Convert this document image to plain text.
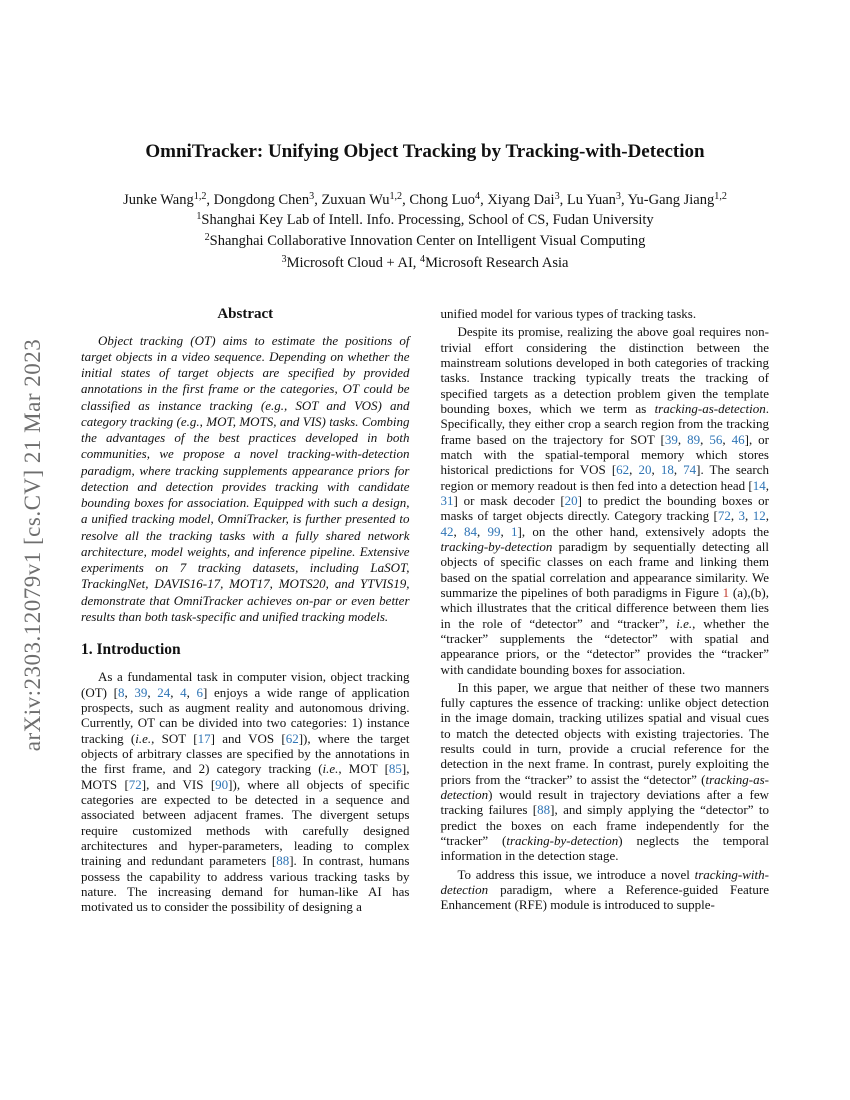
arXiv:2303.12079v1 [cs.CV] 21 Mar 2023
OmniTracker: Unifying Object Tracking by Tracking-with-Detection
Junke Wang$^{1,2}$, Dongdong Chen$^3$, Zuxuan Wu$^{1,2}$, Chong Luo$^4$, Xiyang Dai$^3$, Lu Yuan$^3$, Yu-Gang Jiang$^{1,2}$
$^1$Shanghai Key Lab of Intell. Info. Processing, School of CS, Fudan University
$^2$Shanghai Collaborative Innovation Center on Intelligent Visual Computing
$^3$Microsoft Cloud + AI, $^4$Microsoft Research Asia
Abstract

Object tracking (OT) aims to estimate the positions of target objects in a video sequence. Depending on whether the initial states of target objects are specified by provided annotations in the first frame or the categories, OT could be classified as instance tracking (e.g., SOT and VOS) and category tracking (e.g., MOT, MOTS, and VIS) tasks. Combing the advantages of the best practices developed in both communities, we propose a novel tracking-with-detection paradigm, where tracking supplements appearance priors for detection and detection provides tracking with candidate bounding boxes for association. Equipped with such a design, a unified tracking model, OmniTracker, is further presented to resolve all the tracking tasks with a fully shared network architecture, model weights, and inference pipeline. Extensive experiments on 7 tracking datasets, including LaSOT, TrackingNet, DAVIS16-17, MOT17, MOTS20, and YTVIS19, demonstrate that OmniTracker achieves on-par or even better results than both task-specific and unified tracking models.

1. Introduction

As a fundamental task in computer vision, object tracking (OT) [8, 39, 24, 4, 6] enjoys a wide range of application prospects, such as augment reality and autonomous driving. Currently, OT can be divided into two categories: 1) instance tracking (i.e., SOT [17] and VOS [62]), where the target objects of arbitrary classes are specified by the annotations in the first frame, and 2) category tracking (i.e., MOT [85], MOTS [72], and VIS [90]), where all objects of specific categories are expected to be detected in a sequence and associated between adjacent frames. The divergent setups require customized methods with carefully designed architectures and hyper-parameters, leading to complex training and redundant parameters [88]. In contrast, humans possess the capability to address various tracking tasks by nature. The increasing demand for human-like AI has motivated us to consider the possibility of designing a

unified model for various types of tracking tasks.

Despite its promise, realizing the above goal requires non-trivial effort considering the distinction between the mainstream solutions developed in both categories of tracking tasks. Instance tracking typically treats the tracking of specified targets as a detection problem given the template bounding boxes, which we term as tracking-as-detection. Specifically, they either crop a search region from the tracking frame based on the trajectory for SOT [39, 89, 56, 46], or match with the spatial-temporal memory which stores historical predictions for VOS [62, 20, 18, 74]. The search region or memory readout is then fed into a detection head [14, 31] or mask decoder [20] to predict the bounding boxes or masks of target objects directly. Category tracking [72, 3, 12, 42, 84, 99, 1], on the other hand, extensively adopts the tracking-by-detection paradigm by sequentially detecting all objects of specific classes on each frame and linking them based on the spatial correlation and appearance similarity. We summarize the pipelines of both paradigms in Figure 1 (a),(b), which illustrates that the critical difference between them lies in the role of “detector” and “tracker”, i.e., whether the “tracker” supplements the “detector” with spatial and appearance priors, or the “detector” provides the “tracker” with candidate bounding boxes for association.

In this paper, we argue that neither of these two manners fully captures the essence of tracking: unlike object detection in the image domain, tracking utilizes spatial and visual cues to match the detected objects with existing trajectories. The results could in turn, provide a crucial reference for the detection in the next frame. In contrast, purely exploiting the priors from the “tracker” to assist the “detector” (tracking-as-detection) would result in trajectory deviations after a few tracking failures [88], and simply applying the “detector” to predict the boxes on each frame independently for the “tracker” (tracking-by-detection) neglects the temporal information in the detection stage.

To address this issue, we introduce a novel tracking-with-detection paradigm, where a Reference-guided Feature Enhancement (RFE) module is introduced to supple-
